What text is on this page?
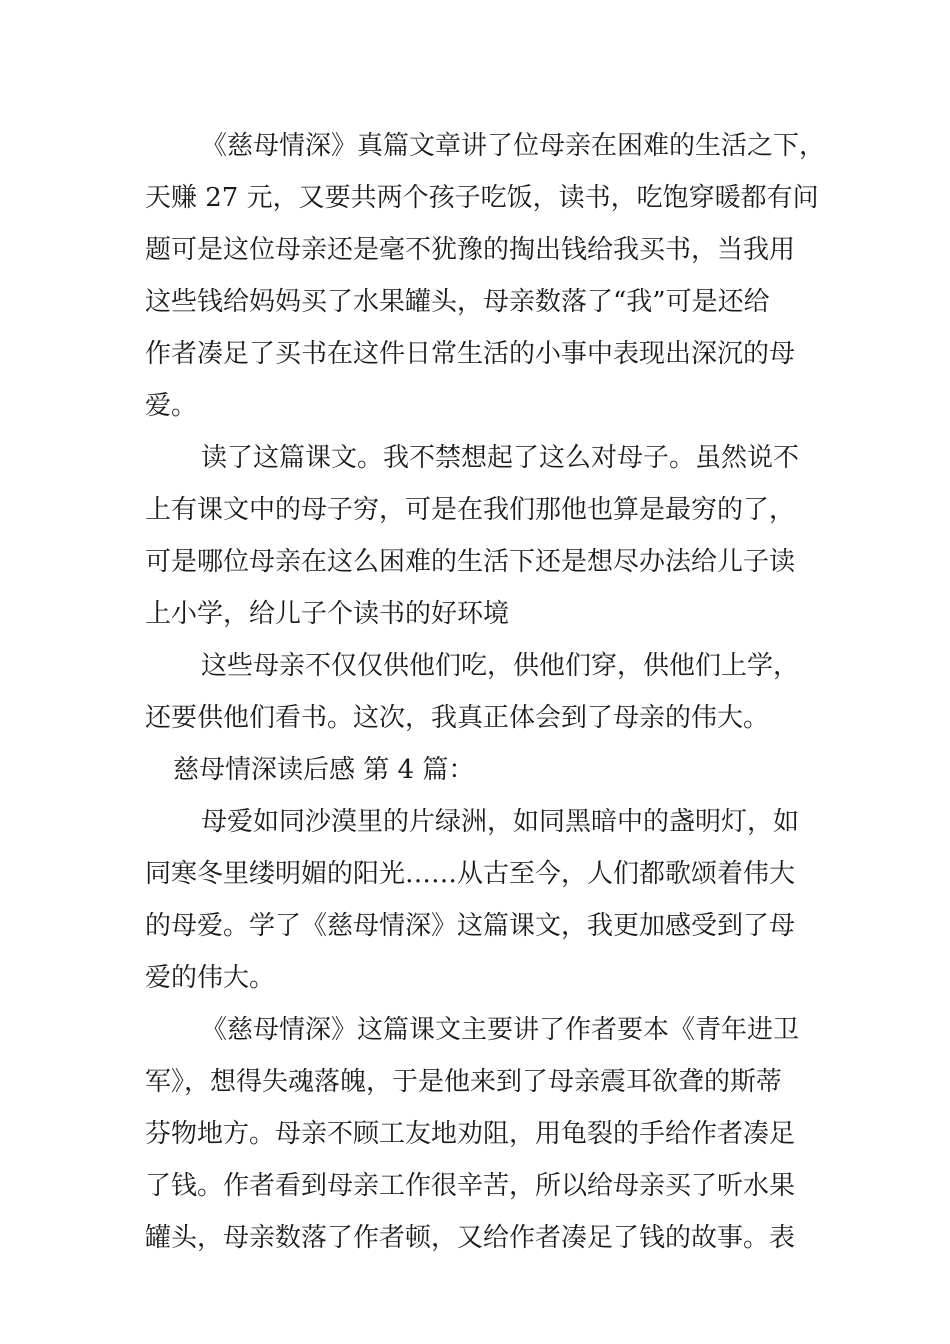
《慈母情深》真篇文章讲了位母亲在困难的生活之下，
天赚 27 元，又要共两个孩子吃饭，读书，吃饱穿暖都有问
题可是这位母亲还是毫不犹豫的掏出钱给我买书，当我用
这些钱给妈妈买了水果罐头，母亲数落了“我”可是还给
作者凑足了买书在这件日常生活的小事中表现出深沉的母
爱。
读了这篇课文。我不禁想起了这么对母子。虽然说不
上有课文中的母子穷，可是在我们那他也算是最穷的了，
可是哪位母亲在这么困难的生活下还是想尽办法给儿子读
上小学，给儿子个读书的好环境
这些母亲不仅仅供他们吃，供他们穿，供他们上学，
还要供他们看书。这次，我真正体会到了母亲的伟大。
慈母情深读后感 第 4 篇：
母爱如同沙漠里的片绿洲，如同黑暗中的盏明灯，如
同寒冬里缕明媚的阳光……从古至今，人们都歌颂着伟大
的母爱。学了《慈母情深》这篇课文，我更加感受到了母
爱的伟大。
《慈母情深》这篇课文主要讲了作者要本《青年进卫
军》，想得失魂落魄，于是他来到了母亲震耳欲聋的斯蒂
芬物地方。母亲不顾工友地劝阻，用龟裂的手给作者凑足
了钱。作者看到母亲工作很辛苦，所以给母亲买了听水果
罐头，母亲数落了作者顿，又给作者凑足了钱的故事。表
